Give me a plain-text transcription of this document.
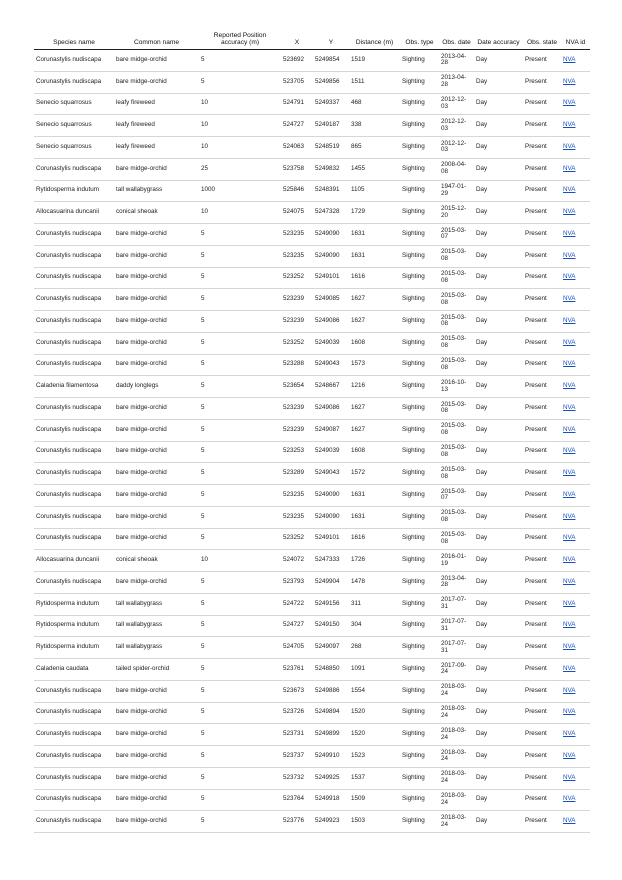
Species name	Common name	Reported Position accuracy (m)	X	Y	Distance (m)	Obs. type	Obs. date	Date accuracy	Obs. state	NVA id
Corunastylis nudiscapa	bare midge-orchid	5	523692	5249854	1519	Sighting	2013-04-28	Day	Present	NVA
Corunastylis nudiscapa	bare midge-orchid	5	523705	5249856	1511	Sighting	2013-04-28	Day	Present	NVA
Senecio squarrosus	leafy fireweed	10	524791	5249337	468	Sighting	2012-12-03	Day	Present	NVA
Senecio squarrosus	leafy fireweed	10	524727	5249187	338	Sighting	2012-12-03	Day	Present	NVA
Senecio squarrosus	leafy fireweed	10	524063	5248519	865	Sighting	2012-12-03	Day	Present	NVA
Corunastylis nudiscapa	bare midge-orchid	25	523758	5249832	1455	Sighting	2008-04-08	Day	Present	NVA
Rytidosperma indutum	tall wallabygrass	1000	525846	5248391	1105	Sighting	1947-01-29	Day	Present	NVA
Allocasuarina duncanii	conical sheoak	10	524075	5247328	1729	Sighting	2015-12-20	Day	Present	NVA
Corunastylis nudiscapa	bare midge-orchid	5	523235	5249090	1631	Sighting	2015-03-07	Day	Present	NVA
Corunastylis nudiscapa	bare midge-orchid	5	523235	5249090	1631	Sighting	2015-03-08	Day	Present	NVA
Corunastylis nudiscapa	bare midge-orchid	5	523252	5249101	1616	Sighting	2015-03-08	Day	Present	NVA
Corunastylis nudiscapa	bare midge-orchid	5	523239	5249085	1627	Sighting	2015-03-08	Day	Present	NVA
Corunastylis nudiscapa	bare midge-orchid	5	523239	5249086	1627	Sighting	2015-03-08	Day	Present	NVA
Corunastylis nudiscapa	bare midge-orchid	5	523252	5249039	1608	Sighting	2015-03-08	Day	Present	NVA
Corunastylis nudiscapa	bare midge-orchid	5	523288	5249043	1573	Sighting	2015-03-08	Day	Present	NVA
Caladenia filamentosa	daddy longlegs	5	523654	5248667	1216	Sighting	2016-10-13	Day	Present	NVA
Corunastylis nudiscapa	bare midge-orchid	5	523239	5249086	1627	Sighting	2015-03-08	Day	Present	NVA
Corunastylis nudiscapa	bare midge-orchid	5	523239	5249087	1627	Sighting	2015-03-08	Day	Present	NVA
Corunastylis nudiscapa	bare midge-orchid	5	523253	5249039	1608	Sighting	2015-03-08	Day	Present	NVA
Corunastylis nudiscapa	bare midge-orchid	5	523289	5249043	1572	Sighting	2015-03-08	Day	Present	NVA
Corunastylis nudiscapa	bare midge-orchid	5	523235	5249090	1631	Sighting	2015-03-07	Day	Present	NVA
Corunastylis nudiscapa	bare midge-orchid	5	523235	5249090	1631	Sighting	2015-03-08	Day	Present	NVA
Corunastylis nudiscapa	bare midge-orchid	5	523252	5249101	1616	Sighting	2015-03-08	Day	Present	NVA
Allocasuarina duncanii	conical sheoak	10	524072	5247333	1726	Sighting	2016-01-19	Day	Present	NVA
Corunastylis nudiscapa	bare midge-orchid	5	523793	5249904	1478	Sighting	2013-04-28	Day	Present	NVA
Rytidosperma indutum	tall wallabygrass	5	524722	5249156	311	Sighting	2017-07-31	Day	Present	NVA
Rytidosperma indutum	tall wallabygrass	5	524727	5249150	304	Sighting	2017-07-31	Day	Present	NVA
Rytidosperma indutum	tall wallabygrass	5	524705	5249097	268	Sighting	2017-07-31	Day	Present	NVA
Caladenia caudata	tailed spider-orchid	5	523761	5248850	1091	Sighting	2017-09-24	Day	Present	NVA
Corunastylis nudiscapa	bare midge-orchid	5	523673	5249886	1554	Sighting	2018-03-24	Day	Present	NVA
Corunastylis nudiscapa	bare midge-orchid	5	523726	5249894	1520	Sighting	2018-03-24	Day	Present	NVA
Corunastylis nudiscapa	bare midge-orchid	5	523731	5249899	1520	Sighting	2018-03-24	Day	Present	NVA
Corunastylis nudiscapa	bare midge-orchid	5	523737	5249910	1523	Sighting	2018-03-24	Day	Present	NVA
Corunastylis nudiscapa	bare midge-orchid	5	523732	5249925	1537	Sighting	2018-03-24	Day	Present	NVA
Corunastylis nudiscapa	bare midge-orchid	5	523764	5249918	1509	Sighting	2018-03-24	Day	Present	NVA
Corunastylis nudiscapa	bare midge-orchid	5	523776	5249923	1503	Sighting	2018-03-24	Day	Present	NVA
